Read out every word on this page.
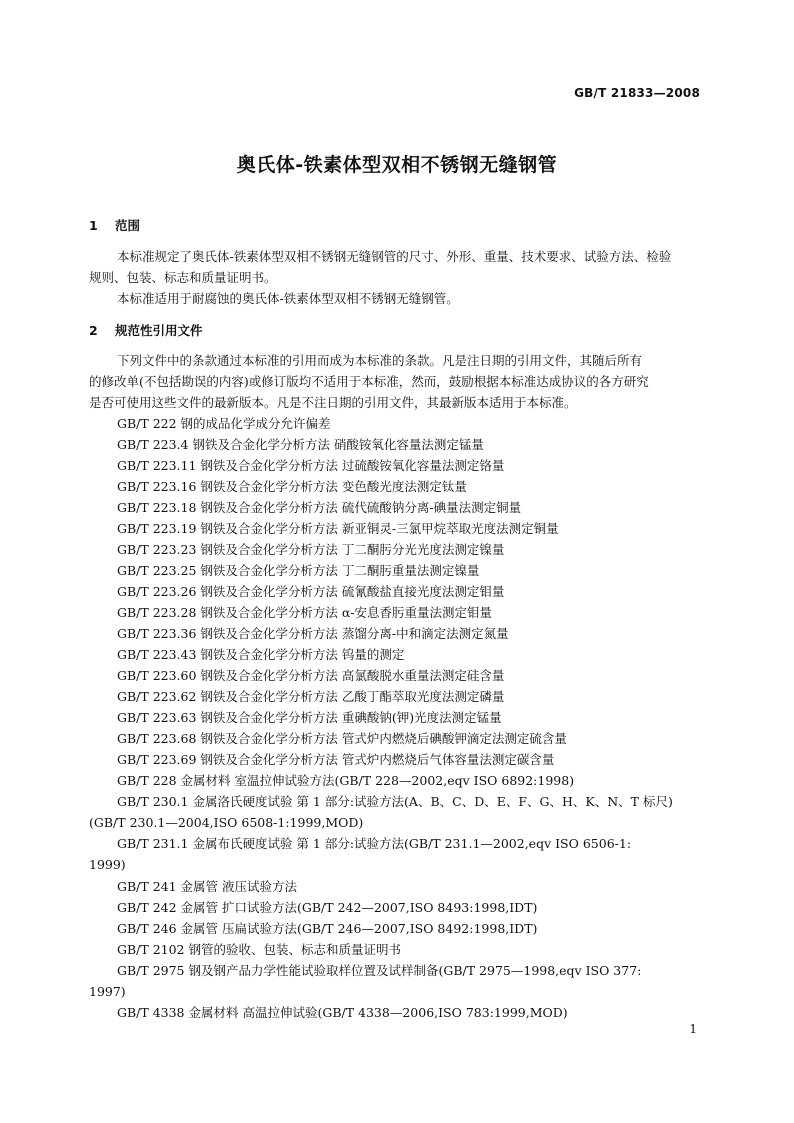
GB/T 21833—2008
奥氏体-铁素体型双相不锈钢无缝钢管
1 范围
本标准规定了奥氏体-铁素体型双相不锈钢无缝钢管的尺寸、外形、重量、技术要求、试验方法、检验
规则、包装、标志和质量证明书。
本标准适用于耐腐蚀的奥氏体-铁素体型双相不锈钢无缝钢管。
2 规范性引用文件
下列文件中的条款通过本标准的引用而成为本标准的条款。凡是注日期的引用文件，其随后所有
的修改单(不包括勘误的内容)或修订版均不适用于本标准，然而，鼓励根据本标准达成协议的各方研究
是否可使用这些文件的最新版本。凡是不注日期的引用文件，其最新版本适用于本标准。
GB/T 222 钢的成品化学成分允许偏差
GB/T 223.4 钢铁及合金化学分析方法 硝酸铵氧化容量法测定锰量
GB/T 223.11 钢铁及合金化学分析方法 过硫酸铵氧化容量法测定铬量
GB/T 223.16 钢铁及合金化学分析方法 变色酸光度法测定钛量
GB/T 223.18 钢铁及合金化学分析方法 硫代硫酸钠分离-碘量法测定铜量
GB/T 223.19 钢铁及合金化学分析方法 新亚铜灵-三氯甲烷萃取光度法测定铜量
GB/T 223.23 钢铁及合金化学分析方法 丁二酮肟分光光度法测定镍量
GB/T 223.25 钢铁及合金化学分析方法 丁二酮肟重量法测定镍量
GB/T 223.26 钢铁及合金化学分析方法 硫氰酸盐直接光度法测定钼量
GB/T 223.28 钢铁及合金化学分析方法 α-安息香肟重量法测定钼量
GB/T 223.36 钢铁及合金化学分析方法 蒸馏分离-中和滴定法测定氮量
GB/T 223.43 钢铁及合金化学分析方法 钨量的测定
GB/T 223.60 钢铁及合金化学分析方法 高氯酸脱水重量法测定硅含量
GB/T 223.62 钢铁及合金化学分析方法 乙酸丁酯萃取光度法测定磷量
GB/T 223.63 钢铁及合金化学分析方法 重碘酸钠(钾)光度法测定锰量
GB/T 223.68 钢铁及合金化学分析方法 管式炉内燃烧后碘酸钾滴定法测定硫含量
GB/T 223.69 钢铁及合金化学分析方法 管式炉内燃烧后气体容量法测定碳含量
GB/T 228 金属材料 室温拉伸试验方法(GB/T 228—2002,eqv ISO 6892:1998)
GB/T 230.1 金属洛氏硬度试验 第 1 部分:试验方法(A、B、C、D、E、F、G、H、K、N、T 标尺)
(GB/T 230.1—2004,ISO 6508-1:1999,MOD)
GB/T 231.1 金属布氏硬度试验 第 1 部分:试验方法(GB/T 231.1—2002,eqv ISO 6506-1:
1999)
GB/T 241 金属管 液压试验方法
GB/T 242 金属管 扩口试验方法(GB/T 242—2007,ISO 8493:1998,IDT)
GB/T 246 金属管 压扁试验方法(GB/T 246—2007,ISO 8492:1998,IDT)
GB/T 2102 钢管的验收、包装、标志和质量证明书
GB/T 2975 钢及钢产品力学性能试验取样位置及试样制备(GB/T 2975—1998,eqv ISO 377:
1997)
GB/T 4338 金属材料 高温拉伸试验(GB/T 4338—2006,ISO 783:1999,MOD)
1
